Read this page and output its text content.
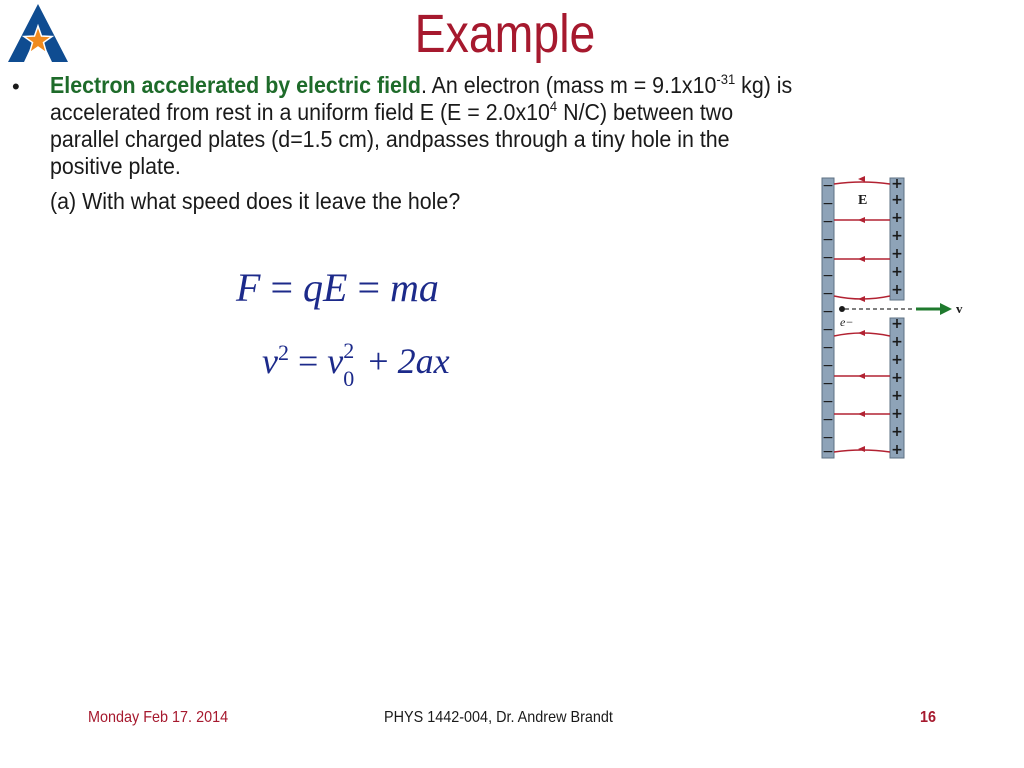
Example
• Electron accelerated by electric field. An electron (mass $m = 9.1x10^{-31}$ kg) is accelerated from rest in a uniform field E ($E = 2.0x10^4$ N/C) between two parallel charged plates (d=1.5 cm), andpasses through a tiny hole in the positive plate.
(a) With what speed does it leave the hole?
F = qE = ma
$v^2 = v$ 2
0 + 2ax
−
−
−
−
−
−
−
−
−
−
−
−
−
−
−
−
+
+
+
+
+
+
+
+
+
+
+
+
+
+
+
E
e−
v
Monday Feb 17. 2014	PHYS 1442-004, Dr. Andrew Brandt	16
